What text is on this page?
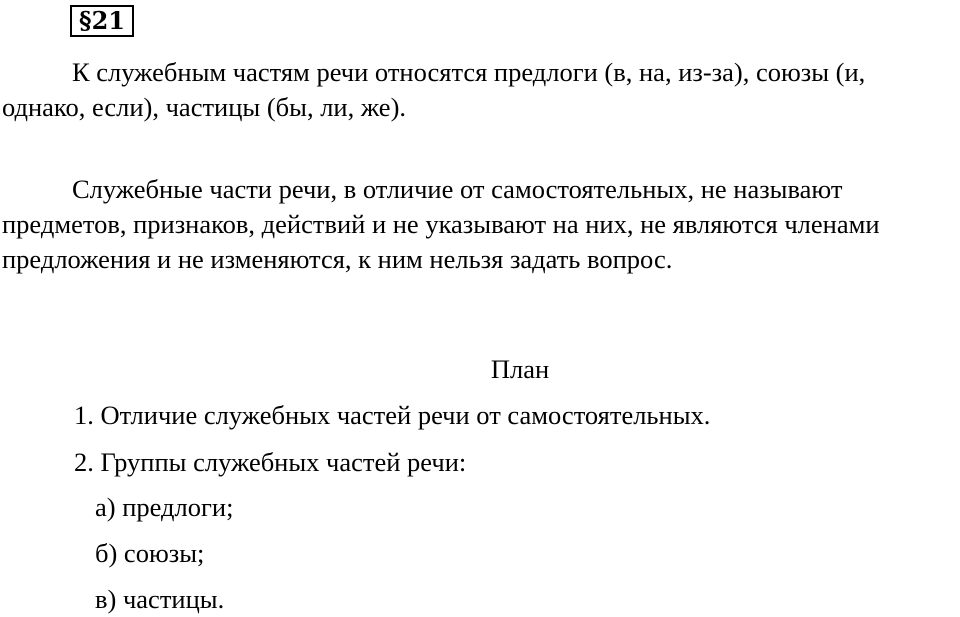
§21

К служебным частям речи относятся предлоги (в, на, из-за), союзы (и,
однако, если), частицы (бы, ли, же).

Служебные части речи, в отличие от самостоятельных, не называют
предметов, признаков, действий и не указывают на них, не являются членами
предложения и не изменяются, к ним нельзя задать вопрос.

План
1. Отличие служебных частей речи от самостоятельных.
2. Группы служебных частей речи:
а) предлоги;
б) союзы;
в) частицы.
